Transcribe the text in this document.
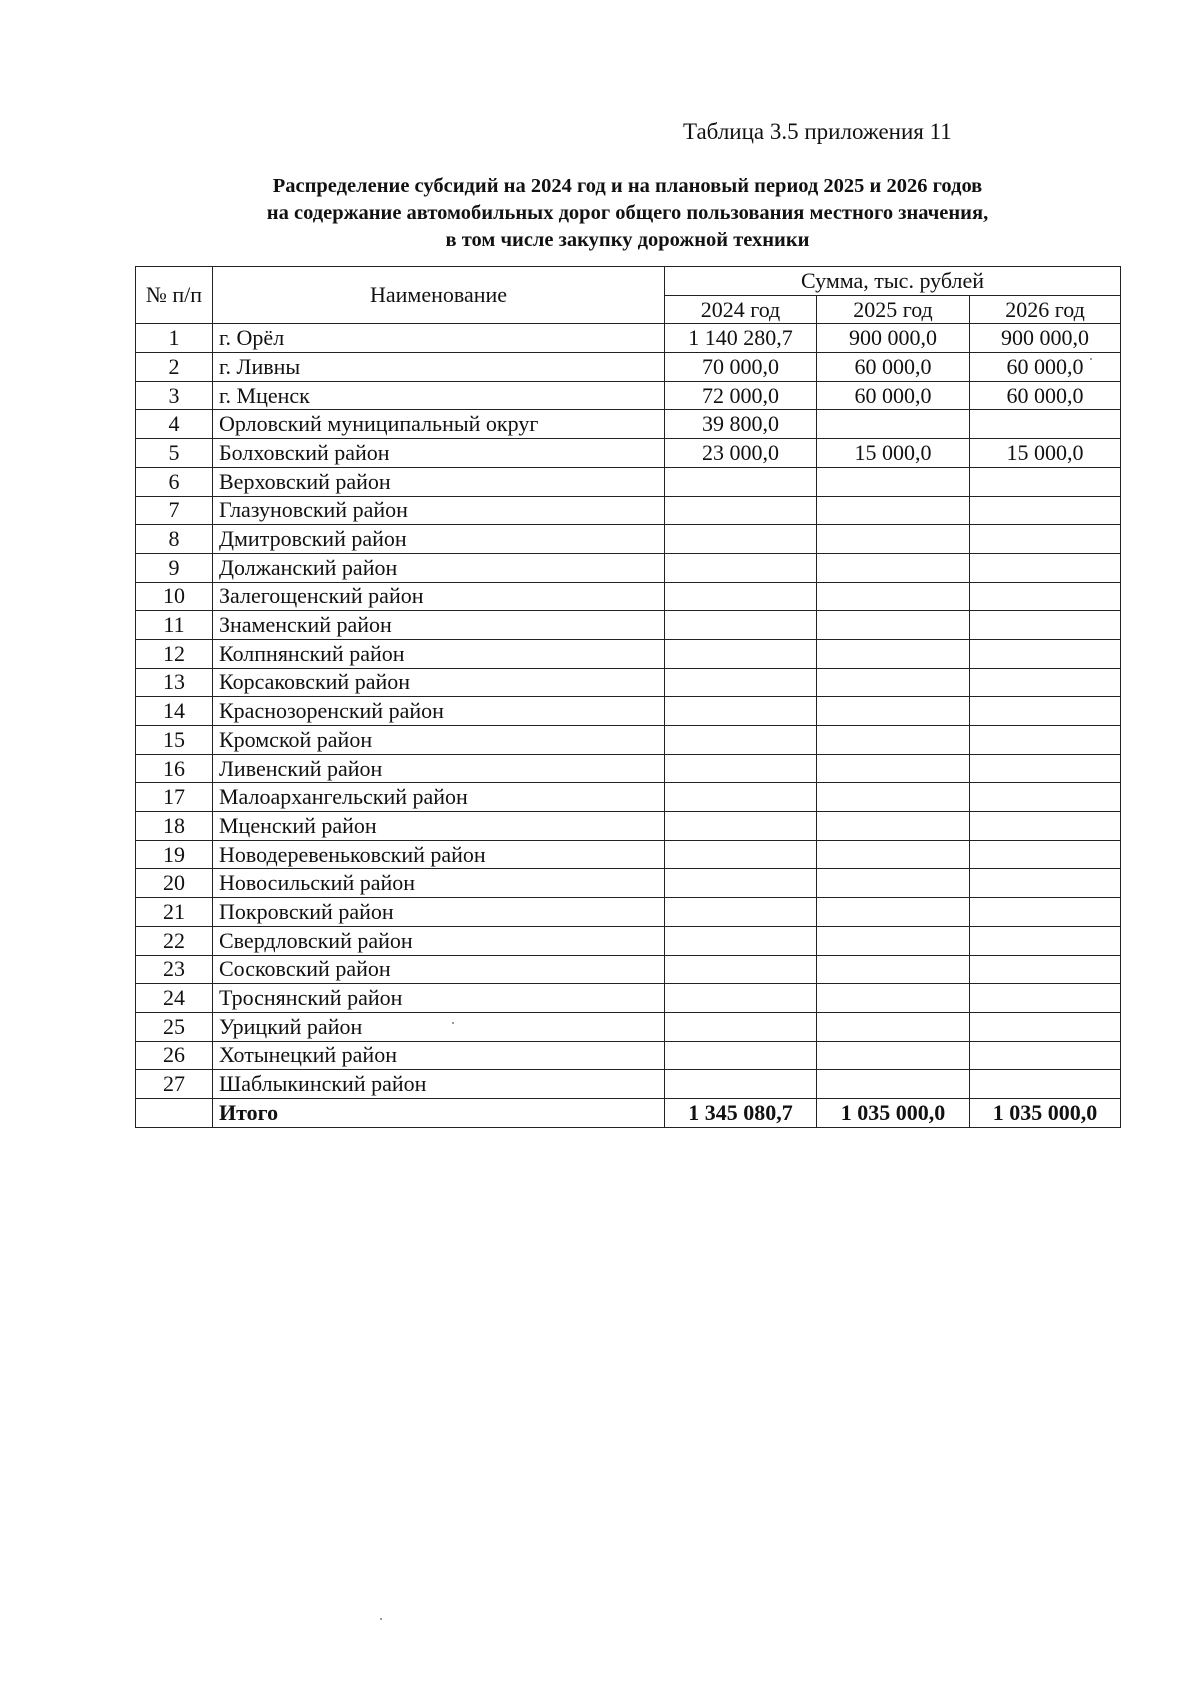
Таблица 3.5 приложения 11
Распределение субсидий на 2024 год и на плановый период 2025 и 2026 годов
на содержание автомобильных дорог общего пользования местного значения,
в том числе закупку дорожной техники
№ п/п	Наименование	Сумма, тыс. рублей		
		2024 год	2025 год	2026 год
1	г. Орёл	1 140 280,7	900 000,0	900 000,0
2	г. Ливны	70 000,0	60 000,0	60 000,0
3	г. Мценск	72 000,0	60 000,0	60 000,0
4	Орловский муниципальный округ	39 800,0		
5	Болховский район	23 000,0	15 000,0	15 000,0
6	Верховский район			
7	Глазуновский район			
8	Дмитровский район			
9	Должанский район			
10	Залегощенский район			
11	Знаменский район			
12	Колпнянский район			
13	Корсаковский район			
14	Краснозоренский район			
15	Кромской район			
16	Ливенский район			
17	Малоархангельский район			
18	Мценский район			
19	Новодеревеньковский район			
20	Новосильский район			
21	Покровский район			
22	Свердловский район			
23	Сосковский район			
24	Троснянский район			
25	Урицкий район			
26	Хотынецкий район			
27	Шаблыкинский район			
	Итого	1 345 080,7	1 035 000,0	1 035 000,0
